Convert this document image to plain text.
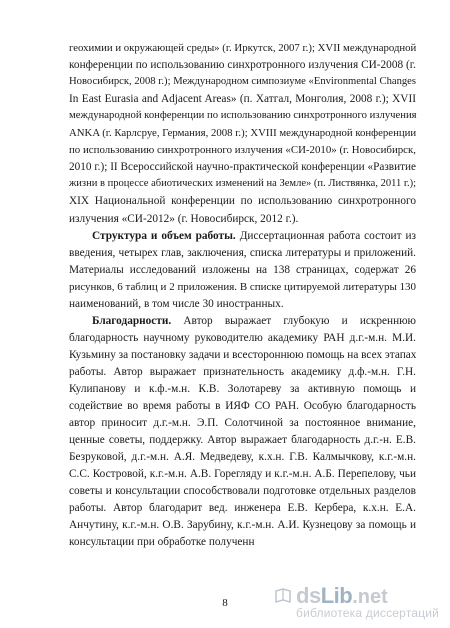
геохимии и окружающей среды» (г. Иркутск, 2007 г.); XVII международной
конференции по использованию синхротронного излучения СИ-2008 (г.
Новосибирск, 2008 г.); Международном симпозиуме «Environmental Changes
In East Eurasia and Adjacent Areas» (п. Хатгал, Монголия, 2008 г.); XVII
международной конференции по использованию синхротронного излучения
ANKA (г. Карлсруе, Германия, 2008 г.); XVIII международной конференции
по использованию синхротронного излучения «СИ-2010» (г. Новосибирск,
2010 г.); II Всероссийской научно-практической конференции «Развитие
жизни в процессе абиотических изменений на Земле» (п. Листвянка, 2011 г.);
XIX Национальной конференции по использованию синхротронного
излучения «СИ-2012» (г. Новосибирск, 2012 г.).
Структура и объем работы. Диссертационная работа состоит из
введения, четырех глав, заключения, списка литературы и приложений.
Материалы исследований изложены на 138 страницах, содержат 26
рисунков, 6 таблиц и 2 приложения. В списке цитируемой литературы 130
наименований, в том числе 30 иностранных.
Благодарности. Автор выражает глубокую и искреннюю
благодарность научному руководителю академику РАН д.г.-м.н. М.И.
Кузьмину за постановку задачи и всестороннюю помощь на всех этапах
работы. Автор выражает признательность академику д.ф.-м.н. Г.Н.
Кулипанову и к.ф.-м.н. К.В. Золотареву за активную помощь и
содействие во время работы в ИЯФ СО РАН. Особую благодарность
автор приносит д.г.-м.н. Э.П. Солотчиной за постоянное внимание,
ценные советы, поддержку. Автор выражает благодарность д.г.-н. Е.В.
Безруковой, д.г.-м.н. А.Я. Медведеву, к.х.н. Г.В. Калмычкову, к.г.-м.н.
С.С. Костровой, к.г.-м.н. А.В. Горегляду и к.г.-м.н. А.Б. Перепелову, чьи
советы и консультации способствовали подготовке отдельных разделов
работы. Автор благодарит вед. инженера Е.В. Кербера, к.х.н. Е.А.
Анчутину, к.г.-м.н. О.В. Зарубину, к.г.-м.н. А.И. Кузнецову за помощь и
консультации при обработке полученн
8	ds Lib .net
библиотека диссертаций
